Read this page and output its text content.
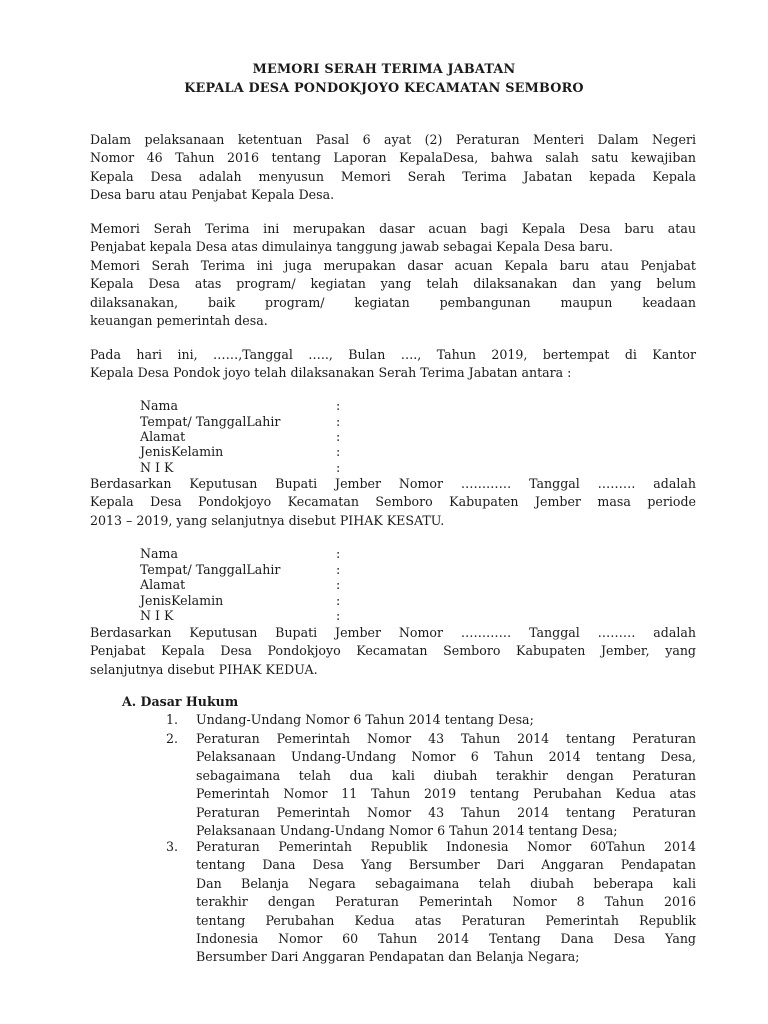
MEMORI SERAH TERIMA JABATAN
KEPALA DESA PONDOKJOYO KECAMATAN SEMBORO
Dalam pelaksanaan ketentuan Pasal 6 ayat (2) Peraturan Menteri Dalam Negeri
Nomor 46 Tahun 2016 tentang Laporan KepalaDesa, bahwa salah satu kewajiban
Kepala Desa adalah menyusun Memori Serah Terima Jabatan kepada Kepala
Desa baru atau Penjabat Kepala Desa.
Memori Serah Terima ini merupakan dasar acuan bagi Kepala Desa baru atau
Penjabat kepala Desa atas dimulainya tanggung jawab sebagai Kepala Desa baru.
Memori Serah Terima ini juga merupakan dasar acuan Kepala baru atau Penjabat
Kepala Desa atas program/ kegiatan yang telah dilaksanakan dan yang belum
dilaksanakan, baik program/ kegiatan pembangunan maupun keadaan
keuangan pemerintah desa.
Pada hari ini, ……,Tanggal ….., Bulan …., Tahun 2019, bertempat di Kantor
Kepala Desa Pondok joyo telah dilaksanakan Serah Terima Jabatan antara :
Nama	:
Tempat/ TanggalLahir	:
Alamat	:
JenisKelamin	:
N I K	:
Berdasarkan Keputusan Bupati Jember Nomor ………… Tanggal ……… adalah
Kepala Desa Pondokjoyo Kecamatan Semboro Kabupaten Jember masa periode
2013 – 2019, yang selanjutnya disebut PIHAK KESATU.
Nama	:
Tempat/ TanggalLahir	:
Alamat	:
JenisKelamin	:
N I K	:
Berdasarkan Keputusan Bupati Jember Nomor ………… Tanggal ……… adalah
Penjabat Kepala Desa Pondokjoyo Kecamatan Semboro Kabupaten Jember, yang
selanjutnya disebut PIHAK KEDUA.
A. Dasar Hukum
1.	Undang-Undang Nomor 6 Tahun 2014 tentang Desa;
2.	Peraturan Pemerintah Nomor 43 Tahun 2014 tentang Peraturan
Pelaksanaan Undang-Undang Nomor 6 Tahun 2014 tentang Desa,
sebagaimana telah dua kali diubah terakhir dengan Peraturan
Pemerintah Nomor 11 Tahun 2019 tentang Perubahan Kedua atas
Peraturan Pemerintah Nomor 43 Tahun 2014 tentang Peraturan
Pelaksanaan Undang-Undang Nomor 6 Tahun 2014 tentang Desa;
3.	Peraturan Pemerintah Republik Indonesia Nomor 60Tahun 2014
tentang Dana Desa Yang Bersumber Dari Anggaran Pendapatan
Dan Belanja Negara sebagaimana telah diubah beberapa kali
terakhir dengan Peraturan Pemerintah Nomor 8 Tahun 2016
tentang Perubahan Kedua atas Peraturan Pemerintah Republik
Indonesia Nomor 60 Tahun 2014 Tentang Dana Desa Yang
Bersumber Dari Anggaran Pendapatan dan Belanja Negara;
